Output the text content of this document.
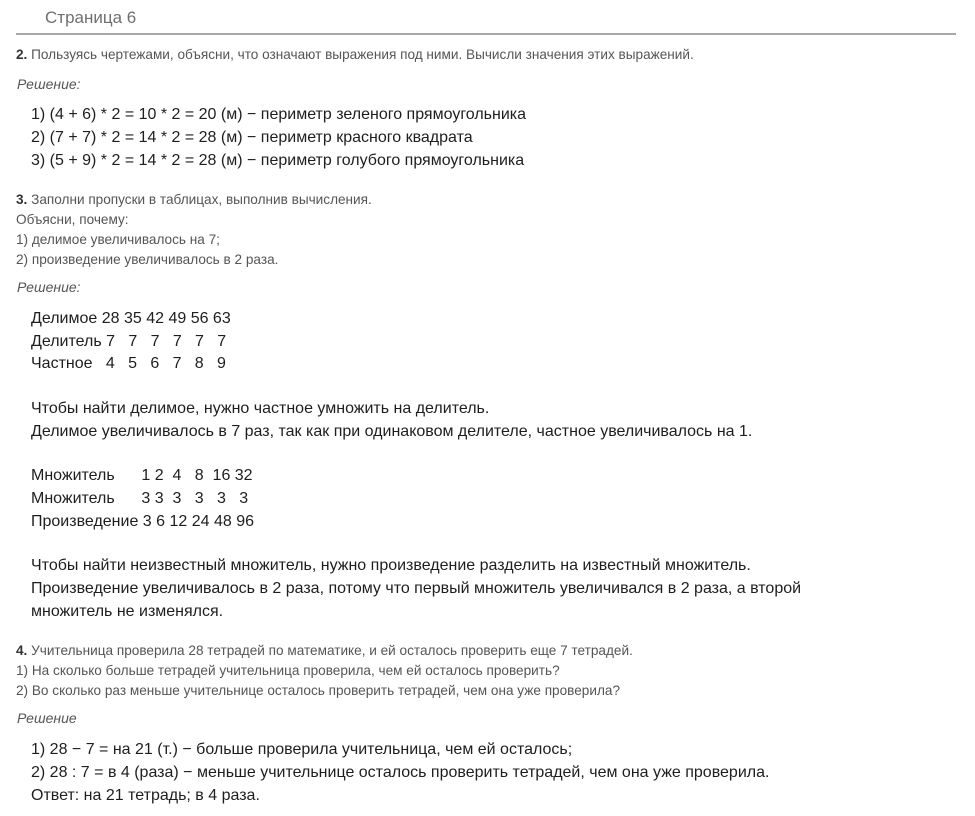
Страница 6
2. Пользуясь чертежами, объясни, что означают выражения под ними. Вычисли значения этих выражений.
Решение:
1) (4 + 6) * 2 = 10 * 2 = 20 (м) − периметр зеленого прямоугольника
2) (7 + 7) * 2 = 14 * 2 = 28 (м) − периметр красного квадрата
3) (5 + 9) * 2 = 14 * 2 = 28 (м) − периметр голубого прямоугольника
3. Заполни пропуски в таблицах, выполнив вычисления.
Объясни, почему:
1) делимое увеличивалось на 7;
2) произведение увеличивалось в 2 раза.
Решение:
Делимое 28 35 42 49 56 63
Делитель 7   7   7   7   7   7
Частное   4   5   6   7   8   9
Чтобы найти делимое, нужно частное умножить на делитель.
Делимое увеличивалось в 7 раз, так как при одинаковом делителе, частное увеличивалось на 1.
Множитель      1 2  4   8  16 32
Множитель      3 3  3   3   3   3
Произведение 3 6 12 24 48 96
Чтобы найти неизвестный множитель, нужно произведение разделить на известный множитель.
Произведение увеличивалось в 2 раза, потому что первый множитель увеличивался в 2 раза, а второй
множитель не изменялся.
4. Учительница проверила 28 тетрадей по математике, и ей осталось проверить еще 7 тетрадей.
1) На сколько больше тетрадей учительница проверила, чем ей осталось проверить?
2) Во сколько раз меньше учительнице осталось проверить тетрадей, чем она уже проверила?
Решение
1) 28 − 7 = на 21 (т.) − больше проверила учительница, чем ей осталось;
2) 28 : 7 = в 4 (раза) − меньше учительнице осталось проверить тетрадей, чем она уже проверила.
Ответ: на 21 тетрадь; в 4 раза.
